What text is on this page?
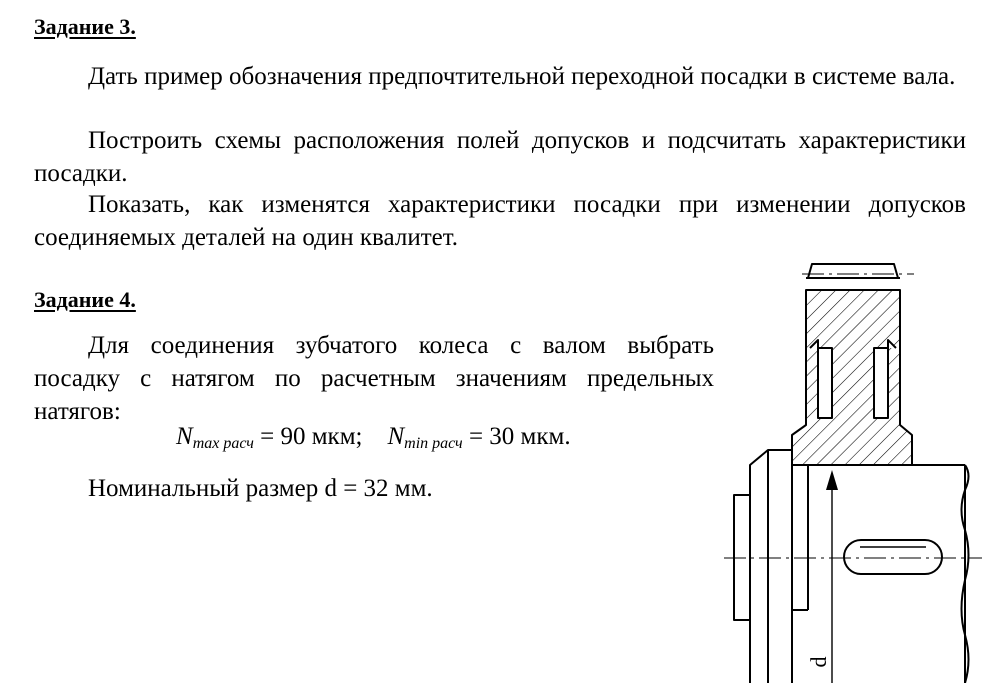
Задание 3.

Дать пример обозначения предпочтительной переходной посадки в системе вала.

Построить схемы расположения полей допусков и подсчитать характеристики посадки.

Показать, как изменятся характеристики посадки при изменении допусков соединяемых деталей на один квалитет.

Задание 4.

Для соединения зубчатого колеса с валом выбрать посадку с натягом по расчетным значениям предельных натягов:

$N_{max расч} = 90$ мкм; $N_{min расч} = 30$ мкм.
Номинальный размер d = 32 мм.
d
